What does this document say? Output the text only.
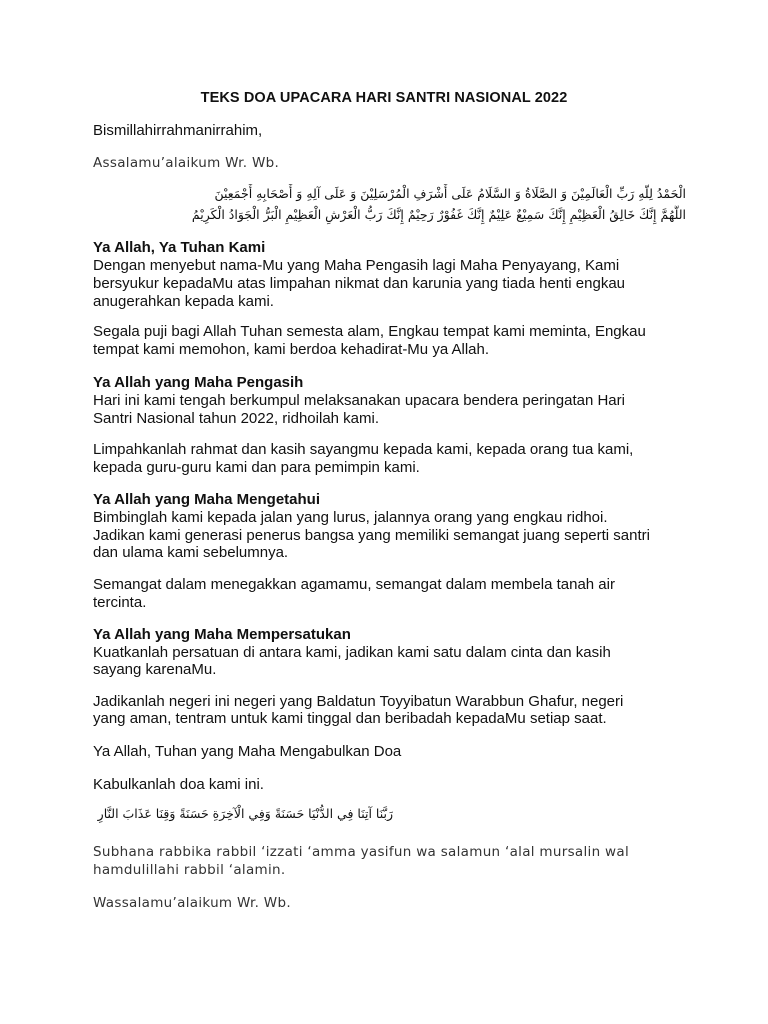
TEKS DOA UPACARA HARI SANTRI NASIONAL 2022
Bismillahirrahmanirrahim,
Assalamu’alaikum Wr. Wb.
الْحَمْدُ لِلّهِ رَبِّ الْعَالَمِيْنَ وَ الصَّلَاةُ وَ السَّلَامُ عَلَى أَشْرَفِ الْمُرْسَلِيْنَ وَ عَلَى آلِهِ وَ أَصْحَابِهِ أَجْمَعِيْنَ
اللَّهُمَّ إِنَّكَ خَالِقُ الْعَظِيْمِ إِنَّكَ سَمِيْعٌ عَلِيْمٌ إِنَّكَ غَفُوْرٌ رَحِيْمٌ إِنَّكَ رَبُّ الْعَرْشِ الْعَظِيْمِ الْبَرُّ الْجَوَادُ الْكَرِيْمُ
Ya Allah, Ya Tuhan Kami
Dengan menyebut nama-Mu yang Maha Pengasih lagi Maha Penyayang, Kami
bersyukur kepadaMu atas limpahan nikmat dan karunia yang tiada henti engkau
anugerahkan kepada kami.
Segala puji bagi Allah Tuhan semesta alam, Engkau tempat kami meminta, Engkau
tempat kami memohon, kami berdoa kehadirat-Mu ya Allah.
Ya Allah yang Maha Pengasih
Hari ini kami tengah berkumpul melaksanakan upacara bendera peringatan Hari
Santri Nasional tahun 2022, ridhoilah kami.
Limpahkanlah rahmat dan kasih sayangmu kepada kami, kepada orang tua kami,
kepada guru-guru kami dan para pemimpin kami.
Ya Allah yang Maha Mengetahui
Bimbinglah kami kepada jalan yang lurus, jalannya orang yang engkau ridhoi.
Jadikan kami generasi penerus bangsa yang memiliki semangat juang seperti santri
dan ulama kami sebelumnya.
Semangat dalam menegakkan agamamu, semangat dalam membela tanah air
tercinta.
Ya Allah yang Maha Mempersatukan
Kuatkanlah persatuan di antara kami, jadikan kami satu dalam cinta dan kasih
sayang karenaMu.
Jadikanlah negeri ini negeri yang Baldatun Toyyibatun Warabbun Ghafur, negeri
yang aman, tentram untuk kami tinggal dan beribadah kepadaMu setiap saat.
Ya Allah, Tuhan yang Maha Mengabulkan Doa
Kabulkanlah doa kami ini.
رَبَّنَا آتِنَا فِي الدُّنْيَا حَسَنَةً وَفِي الْآخِرَةِ حَسَنَةً وَقِنَا عَذَابَ النَّارِ
Subhana rabbika rabbil ‘izzati ‘amma yasifun wa salamun ‘alal mursalin wal
hamdulillahi rabbil ‘alamin.
Wassalamu’alaikum Wr. Wb.
